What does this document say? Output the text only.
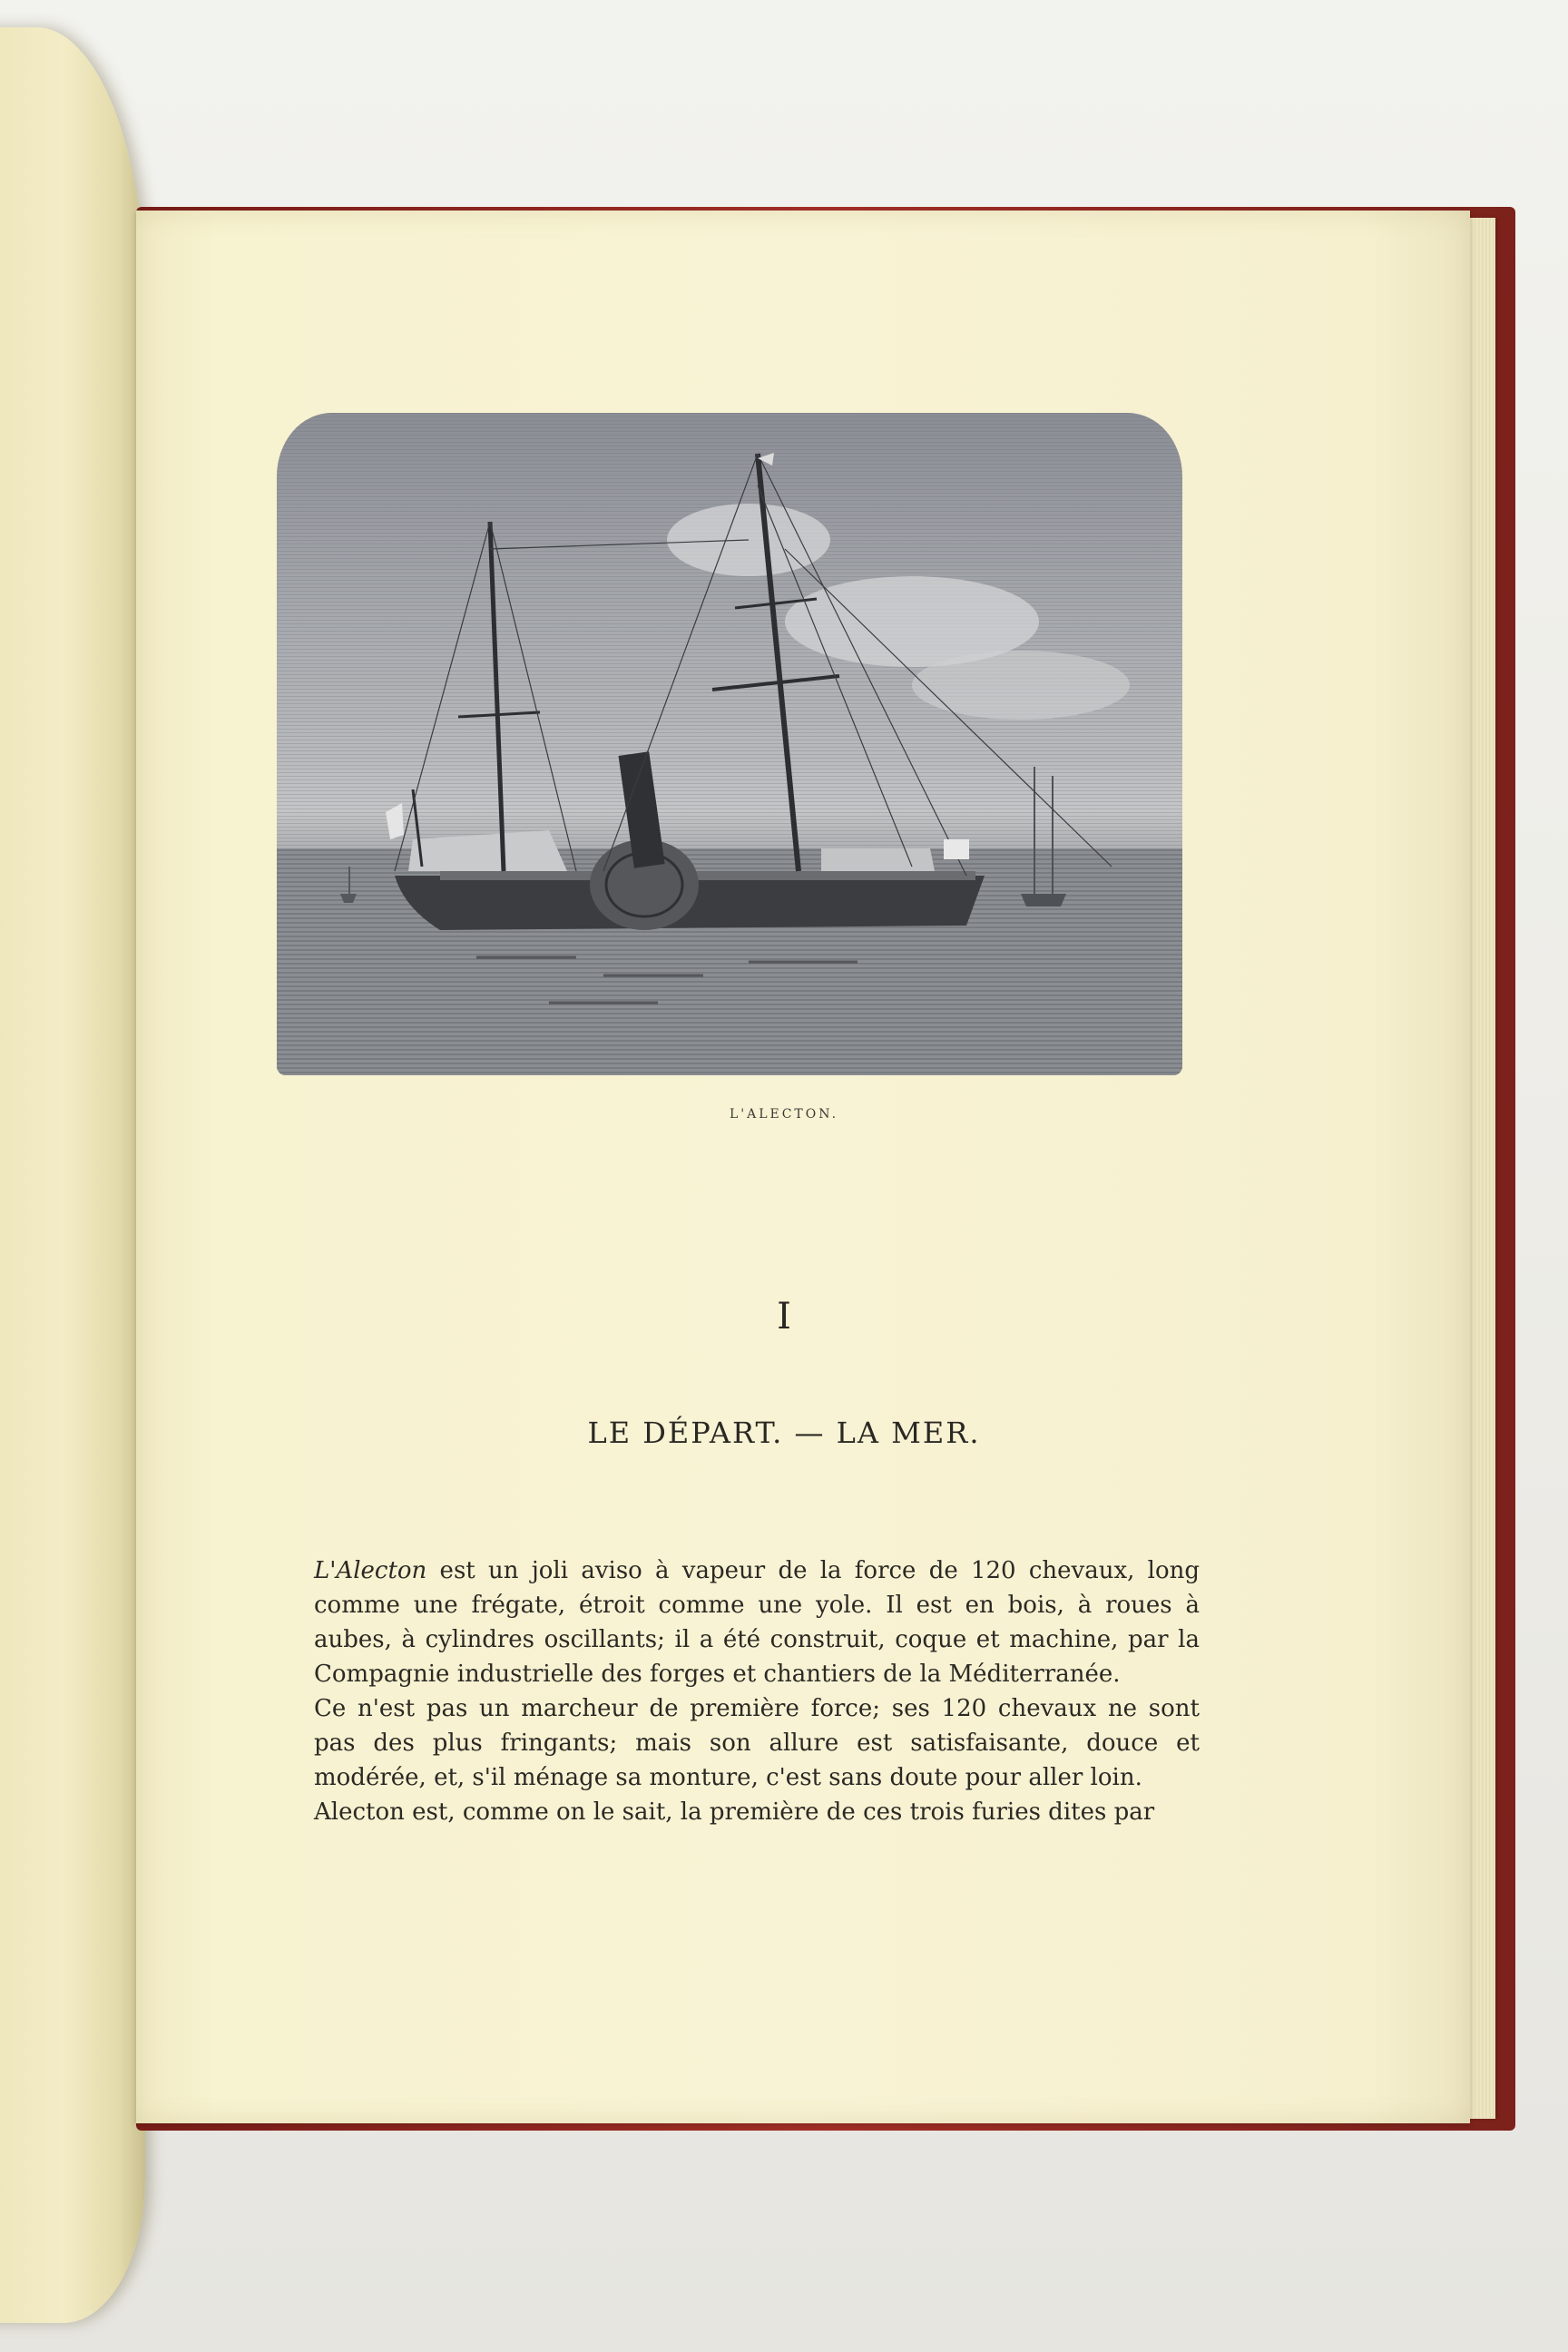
L'ALECTON.
I
LE DÉPART. — LA MER.

L'Alecton est un joli aviso à vapeur de la force de 120 chevaux, long comme une frégate, étroit comme une yole. Il est en bois, à roues à aubes, à cylindres oscillants; il a été construit, coque et machine, par la Compagnie industrielle des forges et chantiers de la Méditerranée.

Ce n'est pas un marcheur de première force; ses 120 chevaux ne sont pas des plus fringants; mais son allure est satisfaisante, douce et modérée, et, s'il ménage sa monture, c'est sans doute pour aller loin.

Alecton est, comme on le sait, la première de ces trois furies dites par
